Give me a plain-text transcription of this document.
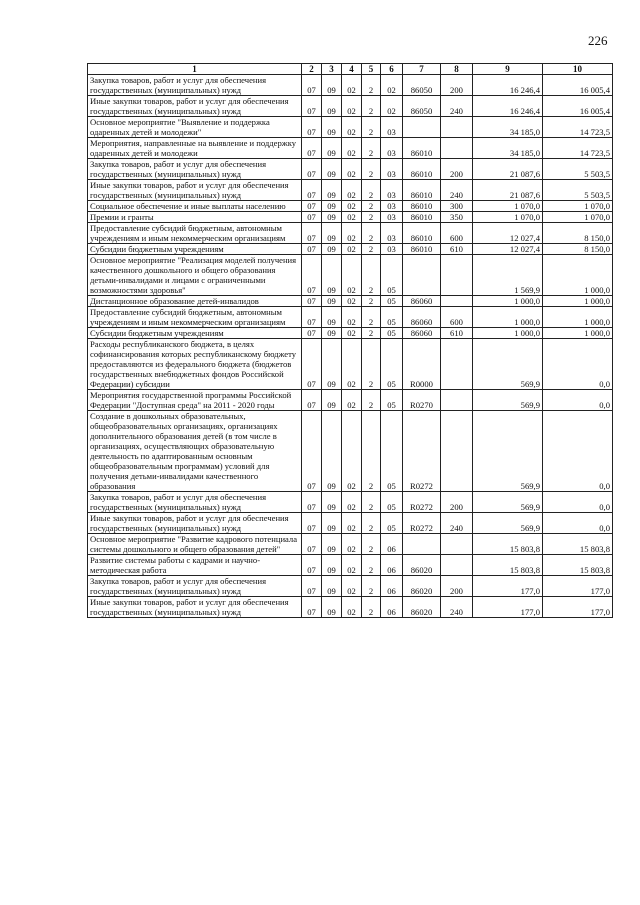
226
1	2	3	4	5	6	7	8	9	10
Закупка товаров, работ и услуг для обеспечения государственных (муниципальных) нужд	07	09	02	2	02	86050	200	16 246,4	16 005,4
Иные закупки товаров, работ и услуг для обеспечения государственных (муниципальных) нужд	07	09	02	2	02	86050	240	16 246,4	16 005,4
Основное мероприятие "Выявление и поддержка одаренных детей и молодежи"	07	09	02	2	03			34 185,0	14 723,5
Мероприятия, направленные на выявление и поддержку одаренных детей и молодежи	07	09	02	2	03	86010		34 185,0	14 723,5
Закупка товаров, работ и услуг для обеспечения государственных (муниципальных) нужд	07	09	02	2	03	86010	200	21 087,6	5 503,5
Иные закупки товаров, работ и услуг для обеспечения государственных (муниципальных) нужд	07	09	02	2	03	86010	240	21 087,6	5 503,5
Социальное обеспечение и иные выплаты населению	07	09	02	2	03	86010	300	1 070,0	1 070,0
Премии и гранты	07	09	02	2	03	86010	350	1 070,0	1 070,0
Предоставление субсидий бюджетным, автономным учреждениям и иным некоммерческим организациям	07	09	02	2	03	86010	600	12 027,4	8 150,0
Субсидии бюджетным учреждениям	07	09	02	2	03	86010	610	12 027,4	8 150,0
Основное мероприятие "Реализация моделей получения качественного дошкольного и общего образования детьми-инвалидами и лицами с ограниченными возможностями здоровья"	07	09	02	2	05			1 569,9	1 000,0
Дистанционное образование детей-инвалидов	07	09	02	2	05	86060		1 000,0	1 000,0
Предоставление субсидий бюджетным, автономным учреждениям и иным некоммерческим организациям	07	09	02	2	05	86060	600	1 000,0	1 000,0
Субсидии бюджетным учреждениям	07	09	02	2	05	86060	610	1 000,0	1 000,0
Расходы республиканского бюджета, в целях софинансирования которых республиканскому бюджету предоставляются из федерального бюджета (бюджетов государственных внебюджетных фондов Российской Федерации) субсидии	07	09	02	2	05	R0000		569,9	0,0
Мероприятия государственной программы Российской Федерации "Доступная среда" на 2011 - 2020 годы	07	09	02	2	05	R0270		569,9	0,0
Создание в дошкольных образовательных, общеобразовательных организациях, организациях дополнительного образования детей (в том числе в организациях, осуществляющих образовательную деятельность по адаптированным основным общеобразовательным программам) условий для получения детьми-инвалидами качественного образования	07	09	02	2	05	R0272		569,9	0,0
Закупка товаров, работ и услуг для обеспечения государственных (муниципальных) нужд	07	09	02	2	05	R0272	200	569,9	0,0
Иные закупки товаров, работ и услуг для обеспечения государственных (муниципальных) нужд	07	09	02	2	05	R0272	240	569,9	0,0
Основное мероприятие "Развитие кадрового потенциала системы дошкольного и общего образования детей"	07	09	02	2	06			15 803,8	15 803,8
Развитие системы работы с кадрами и научно-методическая работа	07	09	02	2	06	86020		15 803,8	15 803,8
Закупка товаров, работ и услуг для обеспечения государственных (муниципальных) нужд	07	09	02	2	06	86020	200	177,0	177,0
Иные закупки товаров, работ и услуг для обеспечения государственных (муниципальных) нужд	07	09	02	2	06	86020	240	177,0	177,0
